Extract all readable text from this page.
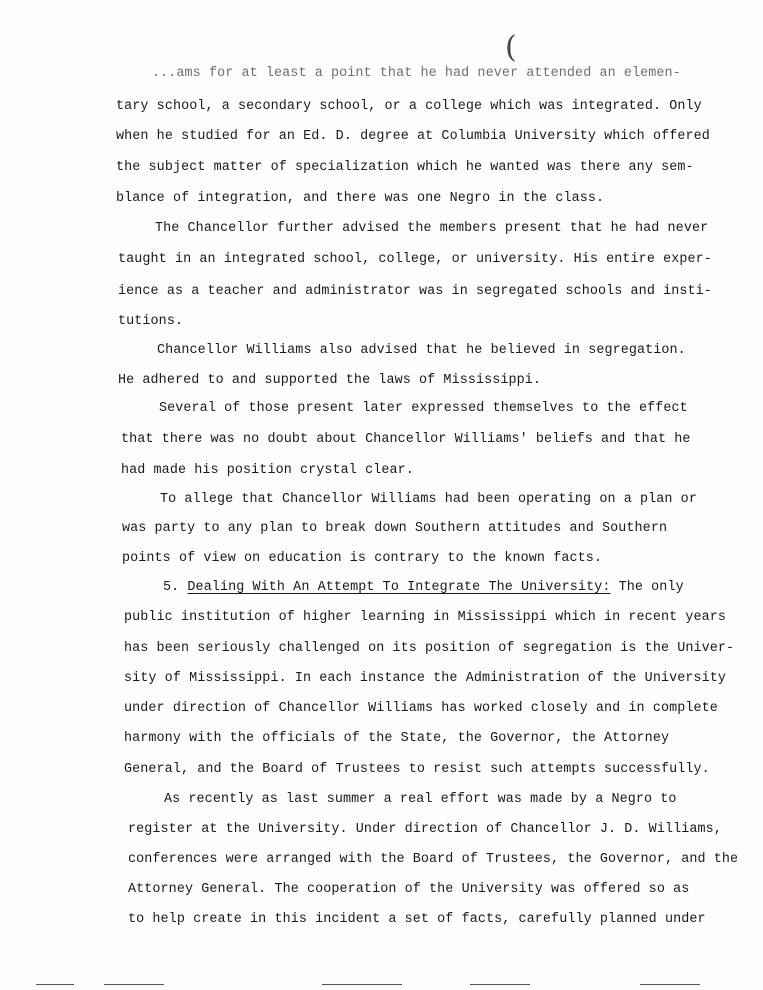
(
...ams for at least a point that he had never attended an elemen-
tary school, a secondary school, or a college which was integrated. Only
when he studied for an Ed. D. degree at Columbia University which offered
the subject matter of specialization which he wanted was there any sem-
blance of integration, and there was one Negro in the class.
The Chancellor further advised the members present that he had never
taught in an integrated school, college, or university. His entire exper-
ience as a teacher and administrator was in segregated schools and insti-
tutions.
Chancellor Williams also advised that he believed in segregation.
He adhered to and supported the laws of Mississippi.
Several of those present later expressed themselves to the effect
that there was no doubt about Chancellor Williams' beliefs and that he
had made his position crystal clear.
To allege that Chancellor Williams had been operating on a plan or
was party to any plan to break down Southern attitudes and Southern
points of view on education is contrary to the known facts.
5. Dealing With An Attempt To Integrate The University: The only
public institution of higher learning in Mississippi which in recent years
has been seriously challenged on its position of segregation is the Univer-
sity of Mississippi. In each instance the Administration of the University
under direction of Chancellor Williams has worked closely and in complete
harmony with the officials of the State, the Governor, the Attorney
General, and the Board of Trustees to resist such attempts successfully.
As recently as last summer a real effort was made by a Negro to
register at the University. Under direction of Chancellor J. D. Williams,
conferences were arranged with the Board of Trustees, the Governor, and the
Attorney General. The cooperation of the University was offered so as
to help create in this incident a set of facts, carefully planned under
